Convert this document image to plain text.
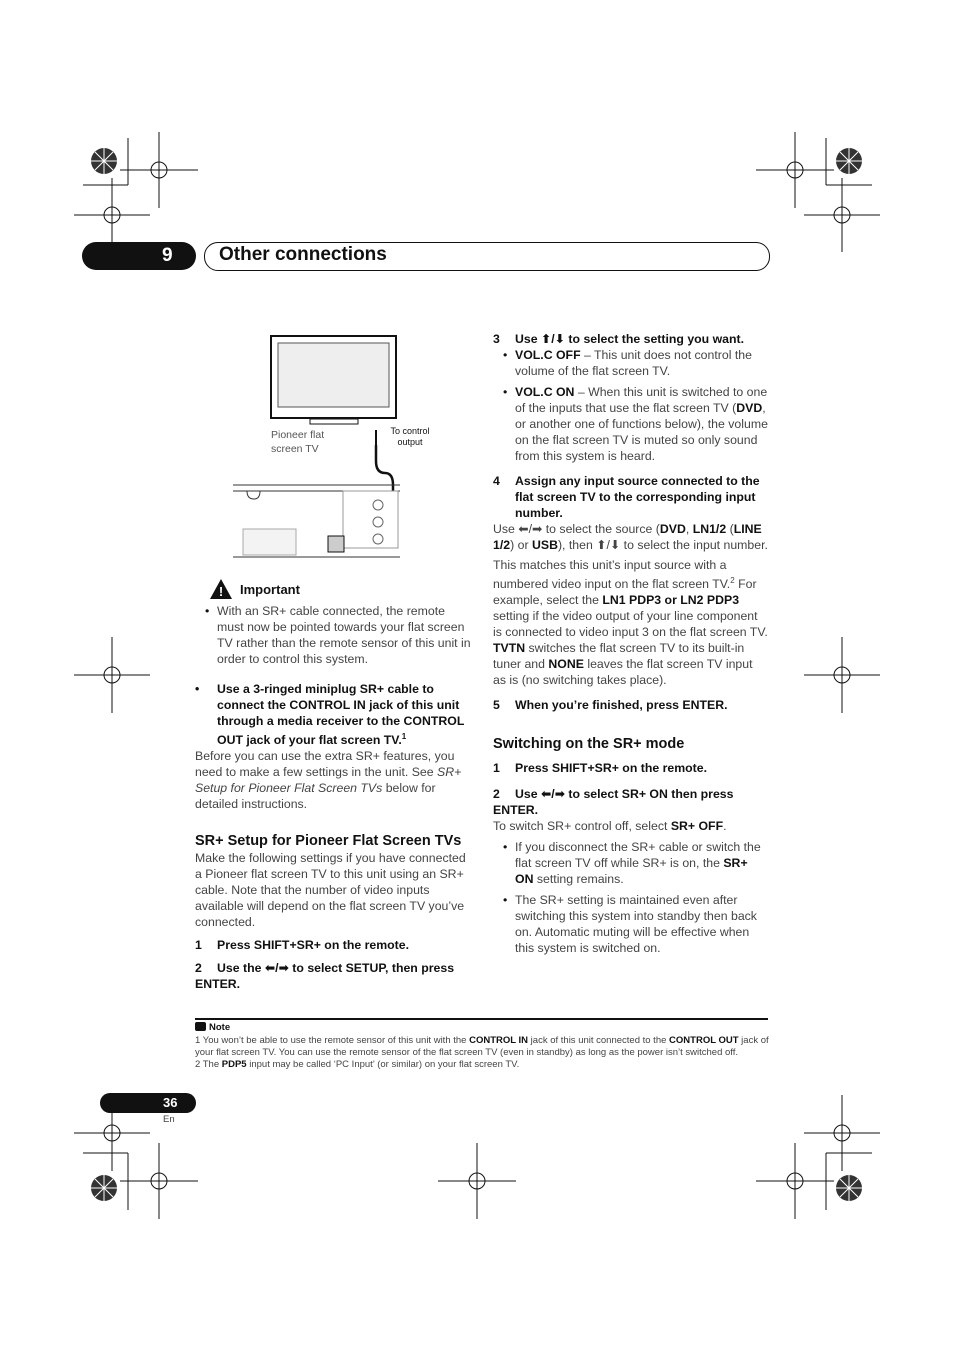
9 Other connections
Pioneer flat
screen TV
To control
output
! Important

• With an SR+ cable connected, the remote must now be pointed towards your flat screen TV rather than the remote sensor of this unit in order to control this system.

• Use a 3-ringed miniplug SR+ cable to connect the CONTROL IN jack of this unit through a media receiver to the CONTROL OUT jack of your flat screen TV.$^1$

Before you can use the extra SR+ features, you need to make a few settings in the unit. See SR+ Setup for Pioneer Flat Screen TVs below for detailed instructions.

SR+ Setup for Pioneer Flat Screen TVs

Make the following settings if you have connected a Pioneer flat screen TV to this unit using an SR+ cable. Note that the number of video inputs available will depend on the flat screen TV you’ve connected.

1 Press SHIFT+SR+ on the remote.

2 Use the ⬅/➡ to select SETUP, then press ENTER.

3 Use ⬆/⬇ to select the setting you want.

• VOL.C OFF – This unit does not control the volume of the flat screen TV.

• VOL.C ON – When this unit is switched to one of the inputs that use the flat screen TV (DVD, or another one of functions below), the volume on the flat screen TV is muted so only sound from this system is heard.

4 Assign any input source connected to the flat screen TV to the corresponding input number.

Use ⬅/➡ to select the source (DVD, LN1/2 (LINE 1/2) or USB), then ⬆/⬇ to select the input number.

This matches this unit’s input source with a numbered video input on the flat screen TV.$^2$ For example, select the LN1 PDP3 or LN2 PDP3 setting if the video output of your line component is connected to video input 3 on the flat screen TV. TVTN switches the flat screen TV to its built-in tuner and NONE leaves the flat screen TV input as is (no switching takes place).

5 When you’re finished, press ENTER.

Switching on the SR+ mode

1 Press SHIFT+SR+ on the remote.

2 Use ⬅/➡ to select SR+ ON then press ENTER.

To switch SR+ control off, select SR+ OFF.

• If you disconnect the SR+ cable or switch the flat screen TV off while SR+ is on, the SR+ ON setting remains.

• The SR+ setting is maintained even after switching this system into standby then back on. Automatic muting will be effective when this system is switched on.

Note
1 You won’t be able to use the remote sensor of this unit with the CONTROL IN jack of this unit connected to the CONTROL OUT jack of your flat screen TV. You can use the remote sensor of the flat screen TV (even in standby) as long as the power isn’t switched off.
2 The PDP5 input may be called ‘PC Input’ (or similar) on your flat screen TV.
36
En
